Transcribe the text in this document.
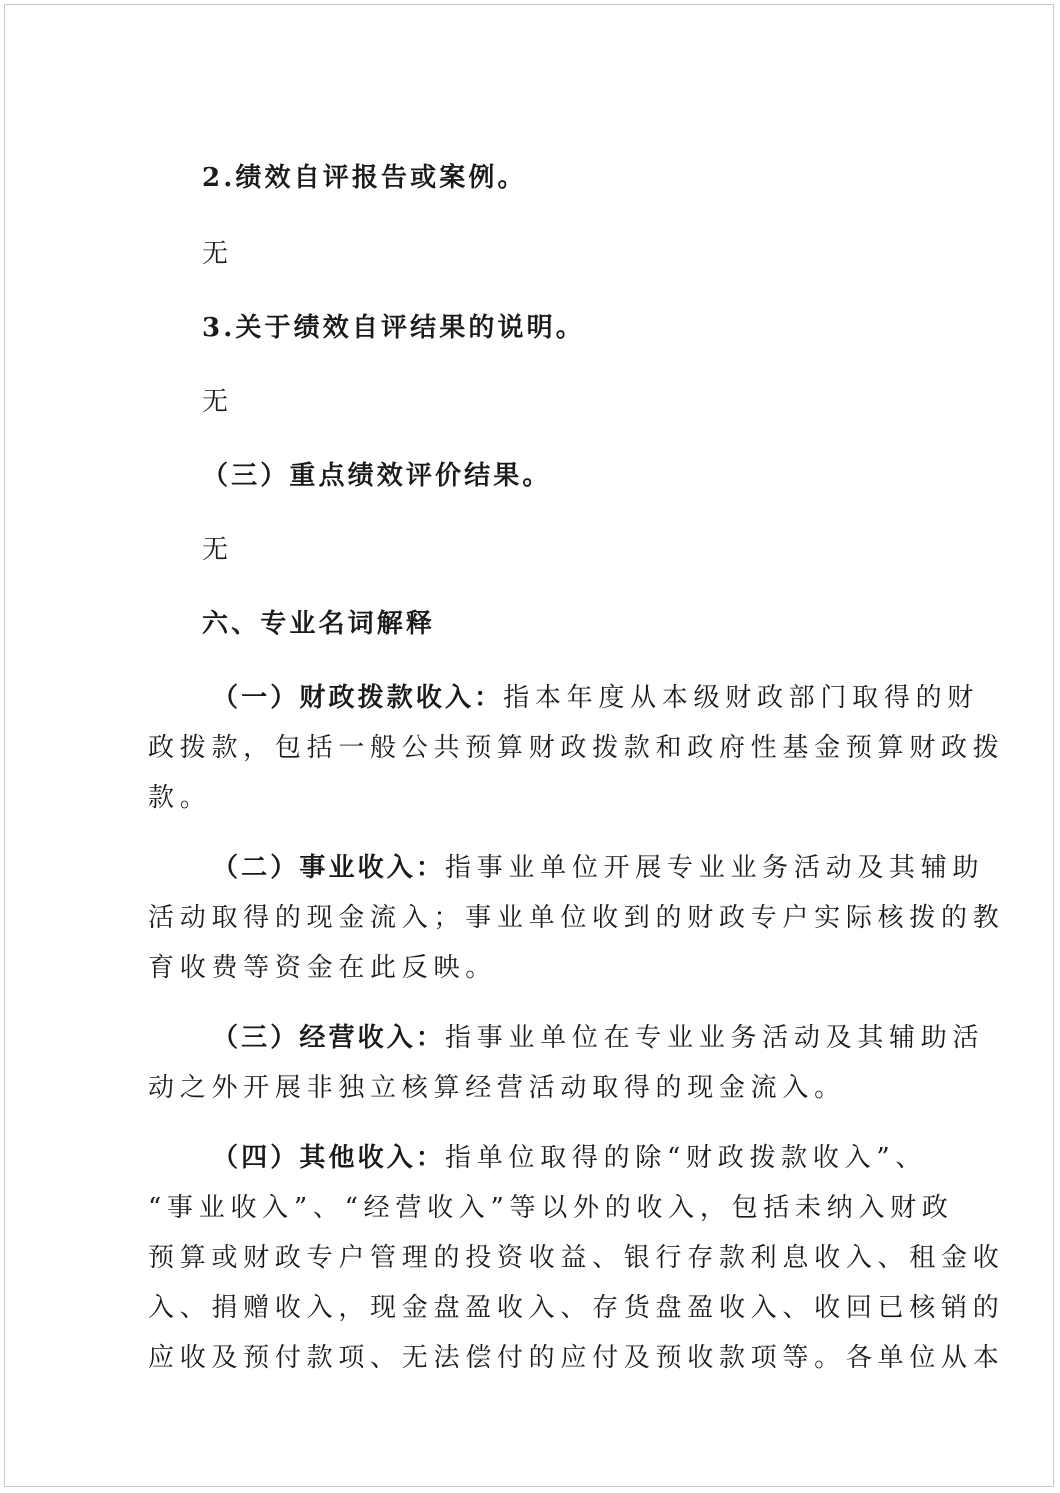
2.绩效自评报告或案例。
无
3.关于绩效自评结果的说明。
无
（三）重点绩效评价结果。
无
六、专业名词解释
（一）财政拨款收入：指本年度从本级财政部门取得的财
政拨款，包括一般公共预算财政拨款和政府性基金预算财政拨
款。
（二）事业收入：指事业单位开展专业业务活动及其辅助
活动取得的现金流入；事业单位收到的财政专户实际核拨的教
育收费等资金在此反映。
（三）经营收入：指事业单位在专业业务活动及其辅助活
动之外开展非独立核算经营活动取得的现金流入。
（四）其他收入：指单位取得的除“财政拨款收入”、
“事业收入”、“经营收入”等以外的收入，包括未纳入财政
预算或财政专户管理的投资收益、银行存款利息收入、租金收
入、捐赠收入，现金盘盈收入、存货盘盈收入、收回已核销的
应收及预付款项、无法偿付的应付及预收款项等。各单位从本
